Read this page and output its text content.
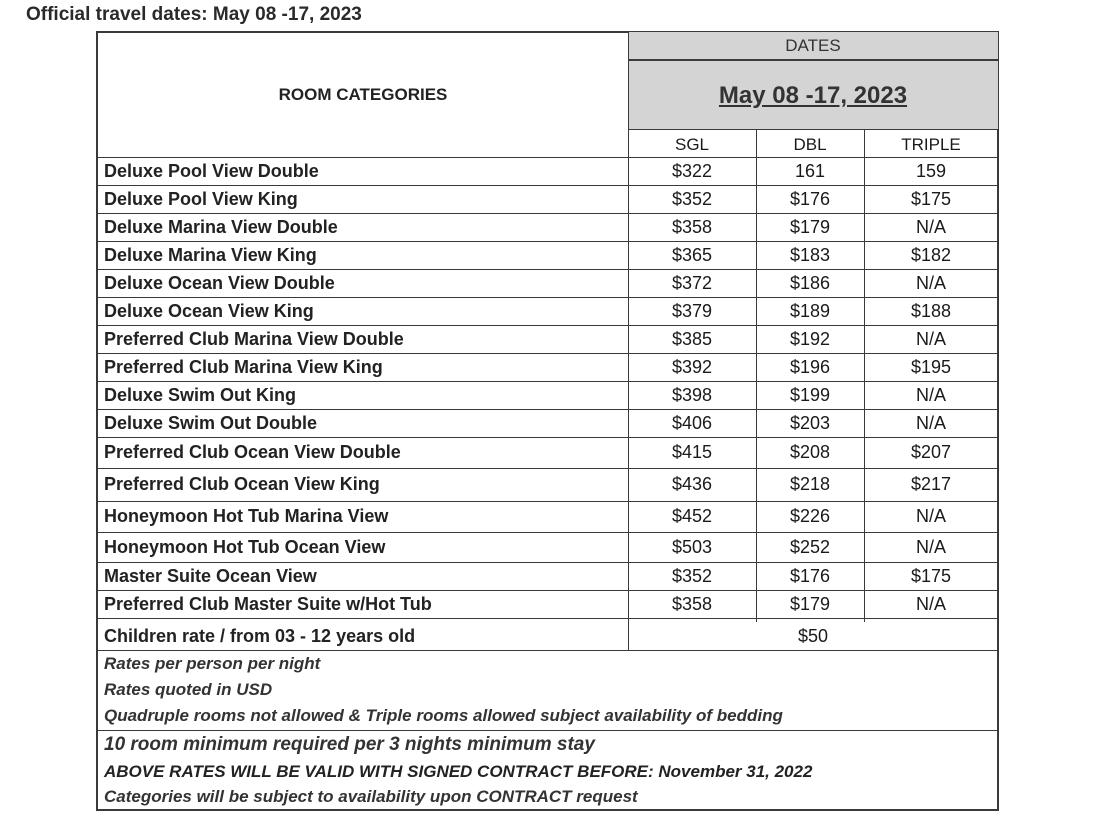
Official travel dates: May 08 -17, 2023
DATES
May 08 -17, 2023
ROOM CATEGORIES
SGL	DBL	TRIPLE
Deluxe Pool View Double	$322	161	159
Deluxe Pool View King	$352	$176	$175
Deluxe Marina View Double	$358	$179	N/A
Deluxe Marina View King	$365	$183	$182
Deluxe Ocean View Double	$372	$186	N/A
Deluxe Ocean View King	$379	$189	$188
Preferred Club Marina View Double	$385	$192	N/A
Preferred Club Marina View King	$392	$196	$195
Deluxe Swim Out King	$398	$199	N/A
Deluxe Swim Out Double	$406	$203	N/A
Preferred Club Ocean View Double	$415	$208	$207
Preferred Club Ocean View King	$436	$218	$217
Honeymoon Hot Tub Marina View	$452	$226	N/A
Honeymoon Hot Tub Ocean View	$503	$252	N/A
Master Suite Ocean View	$352	$176	$175
Preferred Club Master Suite w/Hot Tub	$358	$179	N/A
Children rate / from 03 - 12 years old	$50
Rates per person per night
Rates quoted in USD
Quadruple rooms not allowed & Triple rooms allowed subject availability of bedding
10 room minimum required per 3 nights minimum stay
ABOVE RATES WILL BE VALID WITH SIGNED CONTRACT BEFORE: November 31, 2022
Categories will be subject to availability upon CONTRACT request
